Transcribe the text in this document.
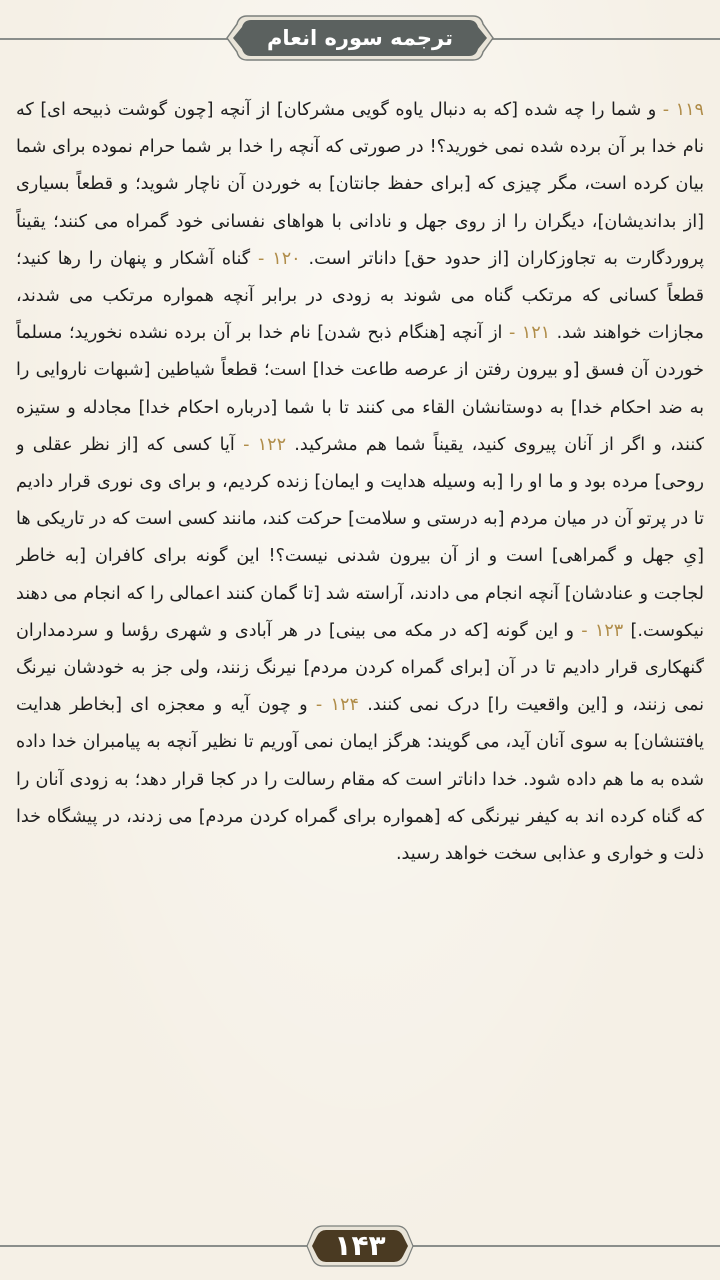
ترجمه سوره انعام
۱۱۹ - و شما را چه شده [که به دنبال یاوه گویی مشرکان] از آنچه [چون گوشت ذبیحه ای] که نام خدا بر آن برده شده نمی خورید؟! در صورتی که آنچه را خدا بر شما حرام نموده برای شما بیان کرده است، مگر چیزی که [برای حفظ جانتان] به خوردن آن ناچار شوید؛ و قطعاً بسیاری [از بداندیشان]، دیگران را از روی جهل و نادانی با هواهای نفسانی خود گمراه می کنند؛ یقیناً پروردگارت به تجاوزکاران [از حدود حق] داناتر است. ۱۲۰ - گناه آشکار و پنهان را رها کنید؛ قطعاً کسانی که مرتکب گناه می شوند به زودی در برابر آنچه همواره مرتکب می شدند، مجازات خواهند شد. ۱۲۱ - از آنچه [هنگام ذبح شدن] نام خدا بر آن برده نشده نخورید؛ مسلماً خوردن آن فسق [و بیرون رفتن از عرصه طاعت خدا] است؛ قطعاً شیاطین [شبهات ناروایی را به ضد احکام خدا] به دوستانشان القاء می کنند تا با شما [درباره احکام خدا] مجادله و ستیزه کنند، و اگر از آنان پیروی کنید، یقیناً شما هم مشرکید. ۱۲۲ - آیا کسی که [از نظر عقلی و روحی] مرده بود و ما او را [به وسیله هدایت و ایمان] زنده کردیم، و برای وی نوری قرار دادیم تا در پرتو آن در میان مردم [به درستی و سلامت] حرکت کند، مانند کسی است که در تاریکی ها [یِ جهل و گمراهی] است و از آن بیرون شدنی نیست؟! این گونه برای کافران [به خاطر لجاجت و عنادشان] آنچه انجام می دادند، آراسته شد [تا گمان کنند اعمالی را که انجام می دهند نیکوست.] ۱۲۳ - و این گونه [که در مکه می بینی] در هر آبادی و شهری رؤسا و سردمداران گنهکاری قرار دادیم تا در آن [برای گمراه کردن مردم] نیرنگ زنند، ولی جز به خودشان نیرنگ نمی زنند، و [این واقعیت را] درک نمی کنند. ۱۲۴ - و چون آیه و معجزه ای [بخاطر هدایت یافتنشان] به سوی آنان آید، می گویند: هرگز ایمان نمی آوریم تا نظیر آنچه به پیامبران خدا داده شده به ما هم داده شود. خدا داناتر است که مقام رسالت را در کجا قرار دهد؛ به زودی آنان را که گناه کرده اند به کیفر نیرنگی که [همواره برای گمراه کردن مردم] می زدند، در پیشگاه خدا ذلت و خواری و عذابی سخت خواهد رسید.
۱۴۳
